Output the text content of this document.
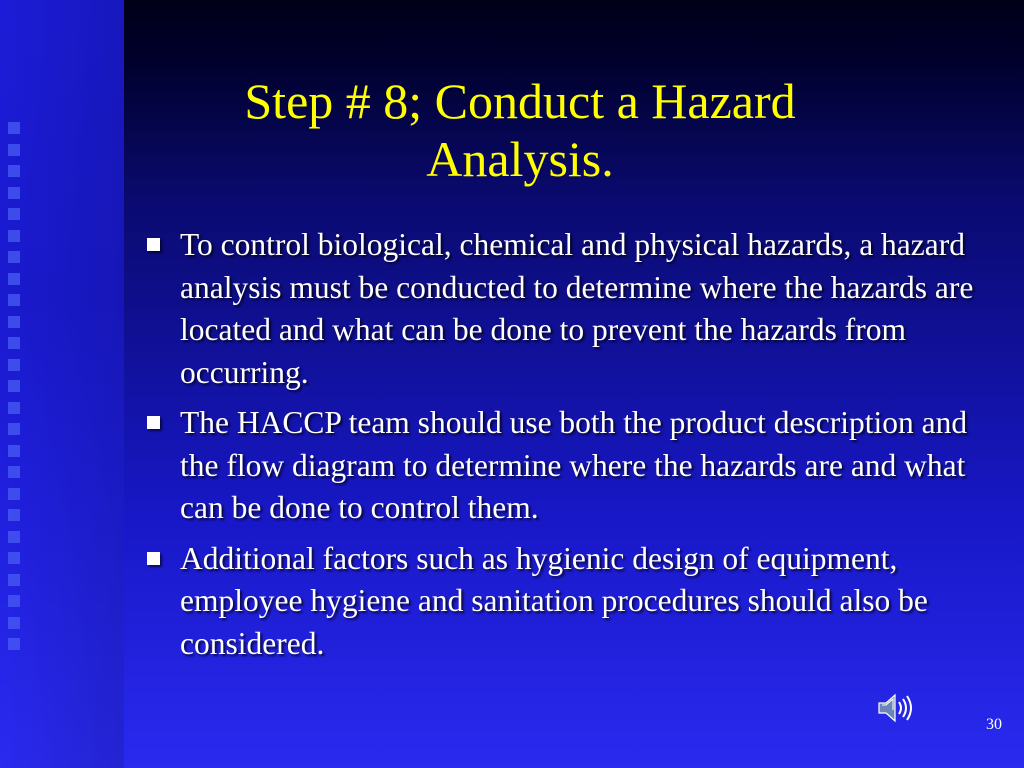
Step # 8; Conduct a Hazard Analysis.
To control biological, chemical and physical hazards, a hazard analysis must be conducted to determine where the hazards are located and what can be done to prevent the hazards from occurring.
The HACCP team should use both the product description and the flow diagram to determine where the hazards are and what can be done to control them.
Additional factors such as hygienic design of equipment, employee hygiene and sanitation procedures should also be considered.
30
